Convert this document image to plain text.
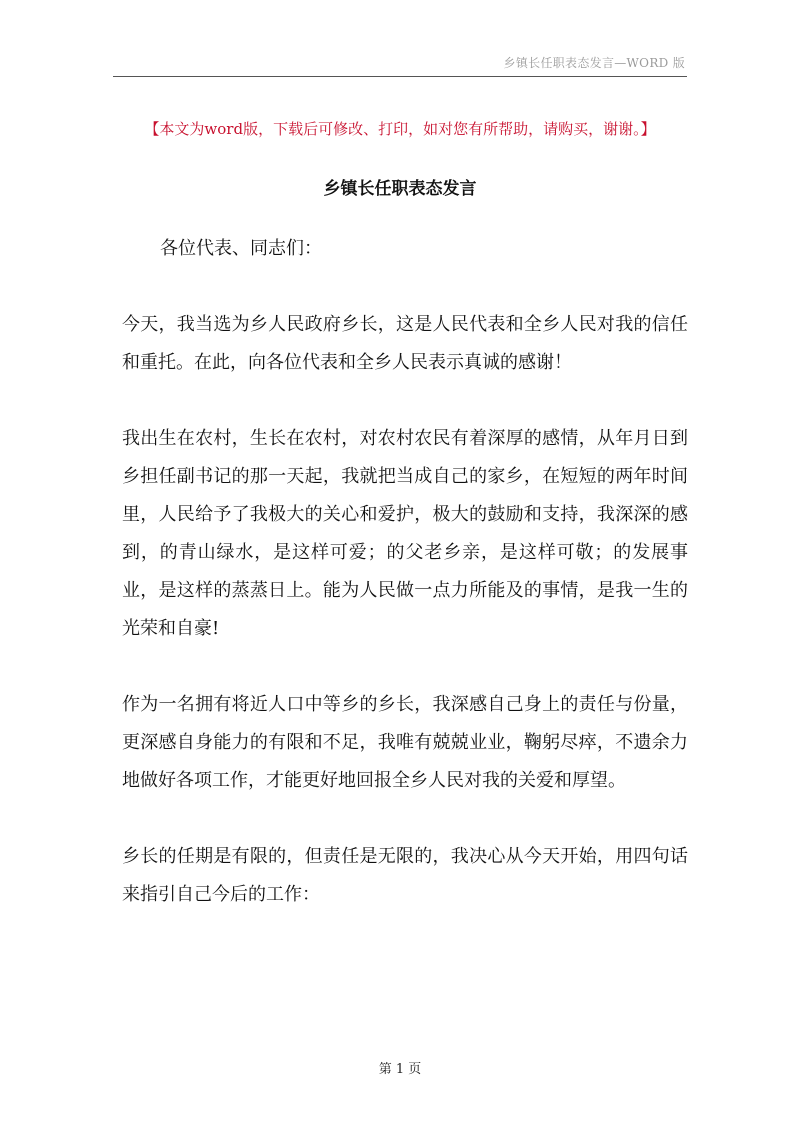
乡镇长任职表态发言—WORD 版
【本文为word版，下载后可修改、打印，如对您有所帮助，请购买，谢谢。】
乡镇长任职表态发言

各位代表、同志们：

今天，我当选为乡人民政府乡长，这是人民代表和全乡人民对我的信任和重托。在此，向各位代表和全乡人民表示真诚的感谢！

我出生在农村，生长在农村，对农村农民有着深厚的感情，从年月日到乡担任副书记的那一天起，我就把当成自己的家乡，在短短的两年时间里，人民给予了我极大的关心和爱护，极大的鼓励和支持，我深深的感到，的青山绿水，是这样可爱；的父老乡亲，是这样可敬；的发展事业，是这样的蒸蒸日上。能为人民做一点力所能及的事情，是我一生的光荣和自豪!

作为一名拥有将近人口中等乡的乡长，我深感自己身上的责任与份量，更深感自身能力的有限和不足，我唯有兢兢业业，鞠躬尽瘁，不遗余力地做好各项工作，才能更好地回报全乡人民对我的关爱和厚望。

乡长的任期是有限的，但责任是无限的，我决心从今天开始，用四句话来指引自己今后的工作：

第 1 页
